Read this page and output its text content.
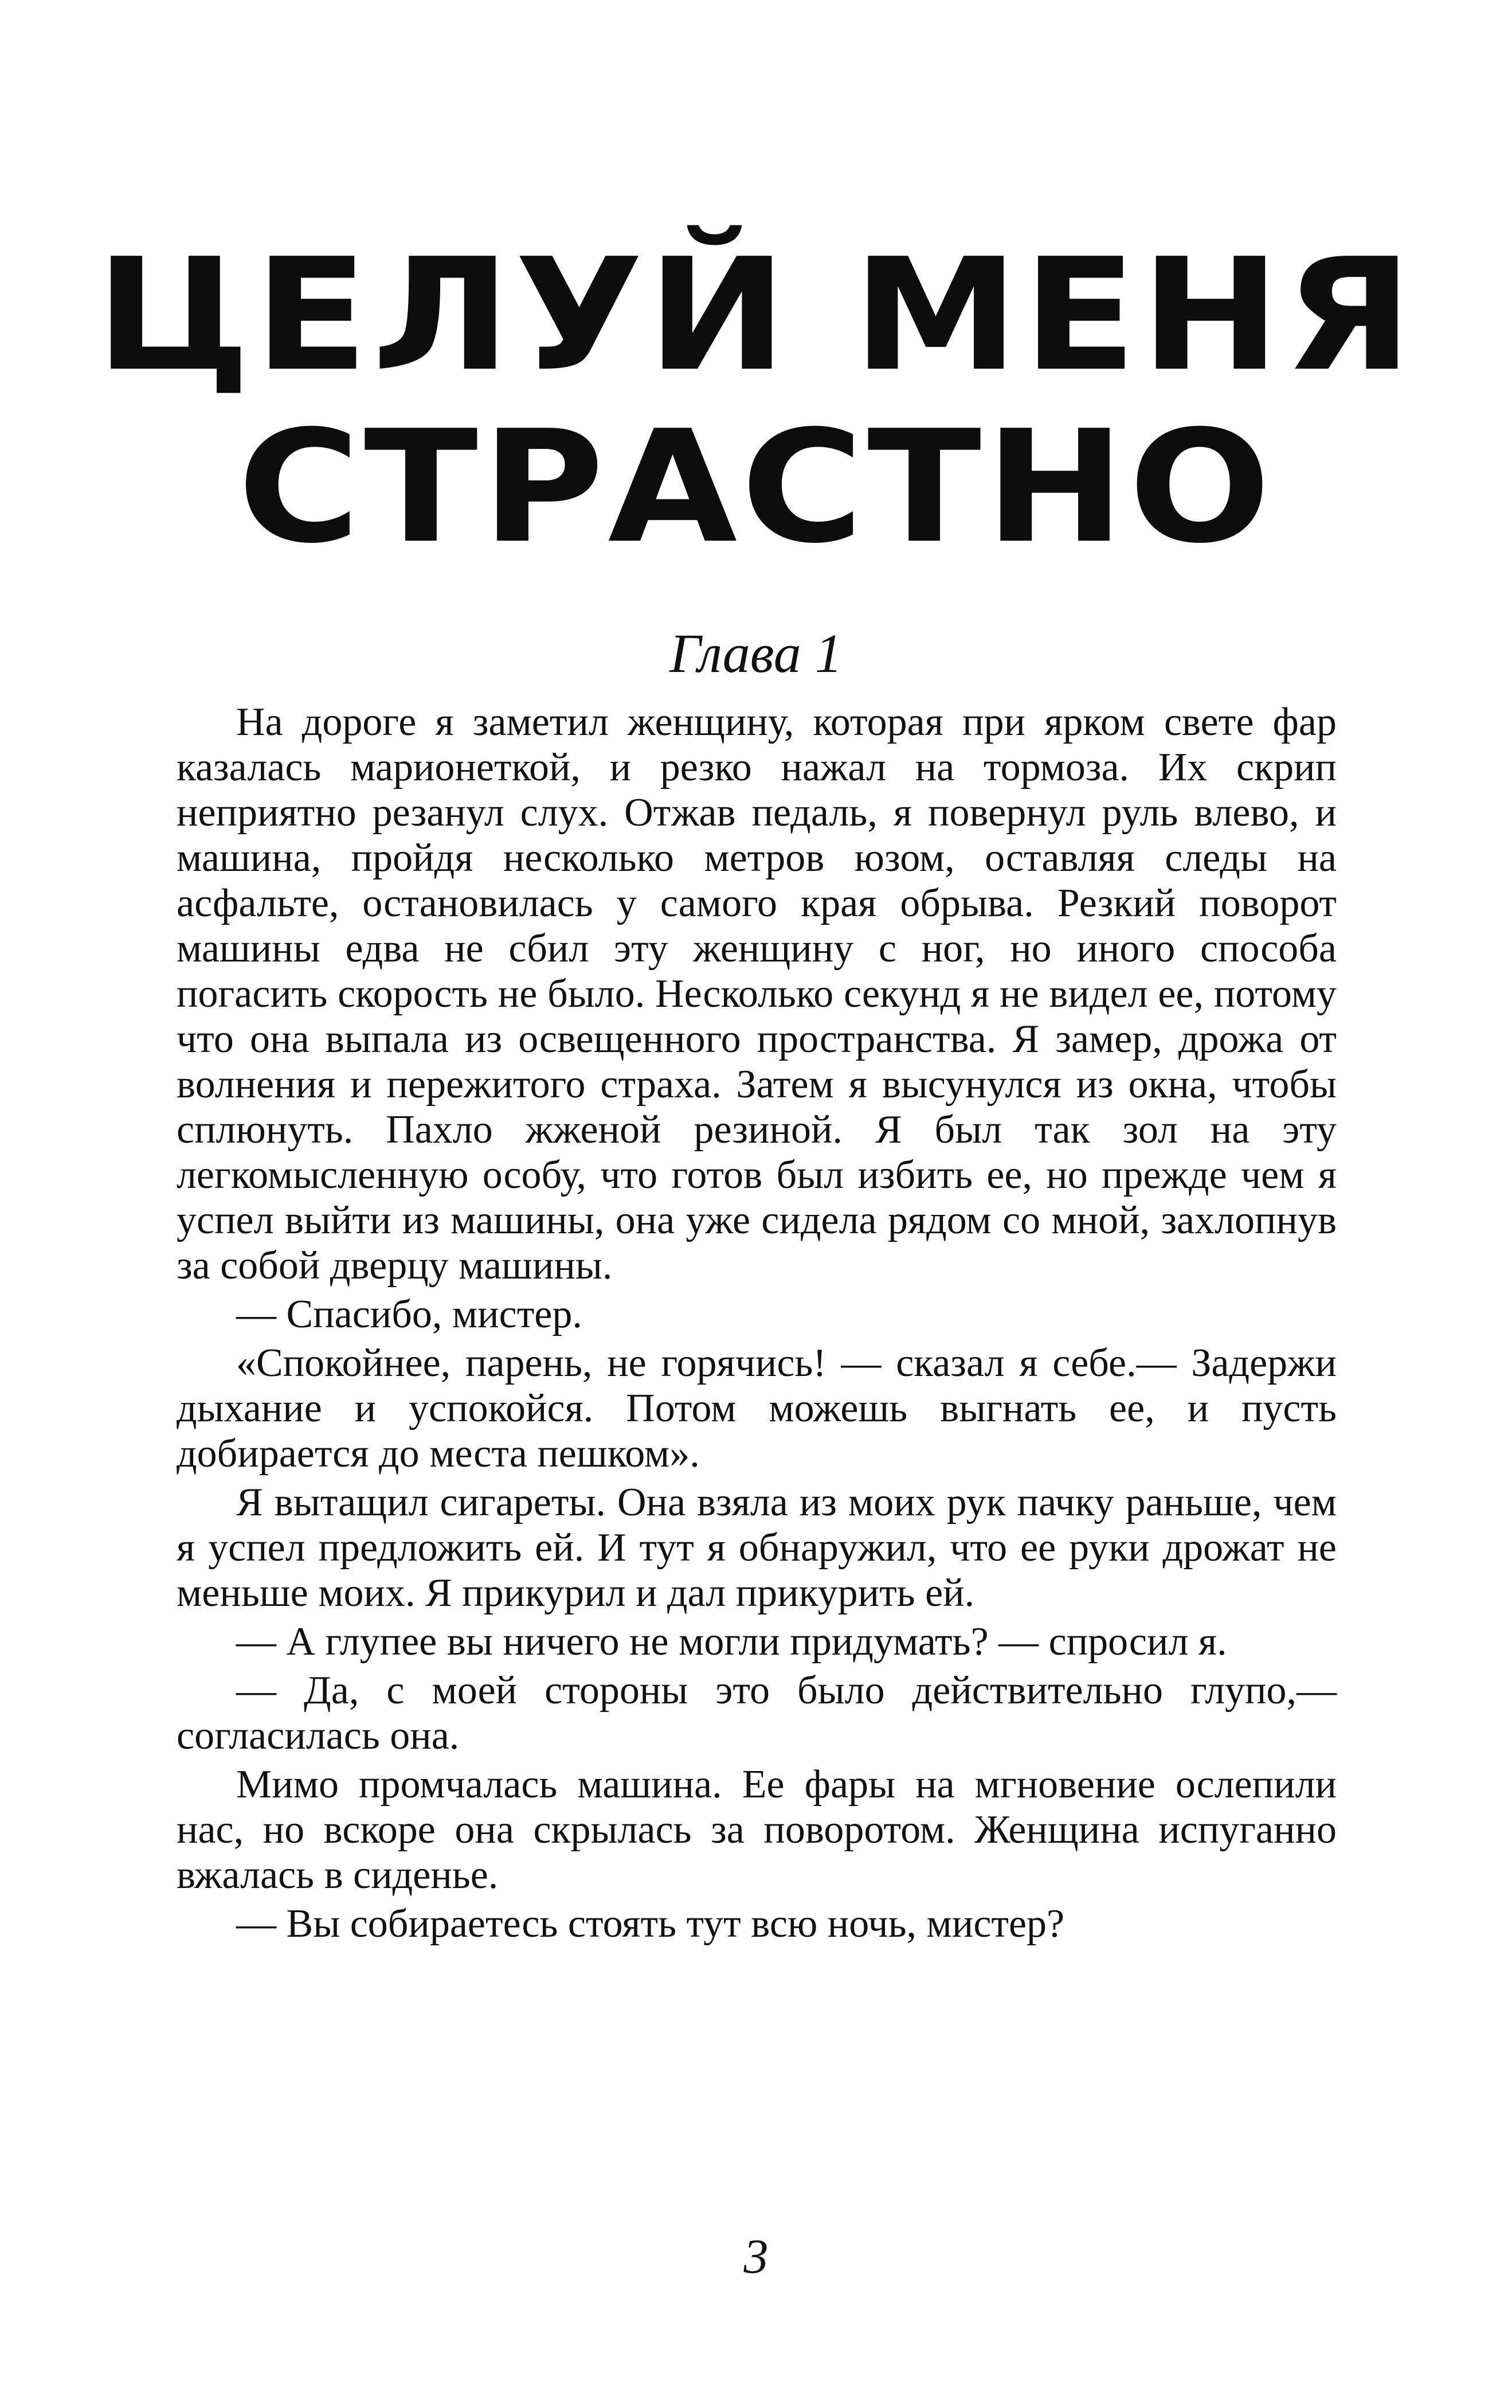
ЦЕЛУЙ МЕНЯ
СТРАСТНО
Глава 1

На дороге я заметил женщину, которая при ярком свете фар казалась марионеткой, и резко нажал на тормоза. Их скрип неприятно резанул слух. Отжав педаль, я повернул руль влево, и машина, пройдя несколько метров юзом, оставляя следы на асфальте, остановилась у самого края обрыва. Резкий поворот машины едва не сбил эту женщину с ног, но иного способа погасить скорость не было. Несколько секунд я не видел ее, потому что она выпала из освещенного пространства. Я замер, дрожа от волнения и пережитого страха. Затем я высунулся из окна, чтобы сплюнуть. Пахло жженой резиной. Я был так зол на эту легкомысленную особу, что готов был избить ее, но прежде чем я успел выйти из машины, она уже сидела рядом со мной, захлопнув за собой дверцу машины.

— Спасибо, мистер.

«Спокойнее, парень, не горячись! — сказал я себе.— Задержи дыхание и успокойся. Потом можешь выгнать ее, и пусть добирается до места пешком».

Я вытащил сигареты. Она взяла из моих рук пачку раньше, чем я успел предложить ей. И тут я обнаружил, что ее руки дрожат не меньше моих. Я прикурил и дал прикурить ей.

— А глупее вы ничего не могли придумать? — спросил я.

— Да, с моей стороны это было действительно глупо,— согласилась она.

Мимо промчалась машина. Ее фары на мгновение ослепили нас, но вскоре она скрылась за поворотом. Женщина испуганно вжалась в сиденье.

— Вы собираетесь стоять тут всю ночь, мистер?

3
